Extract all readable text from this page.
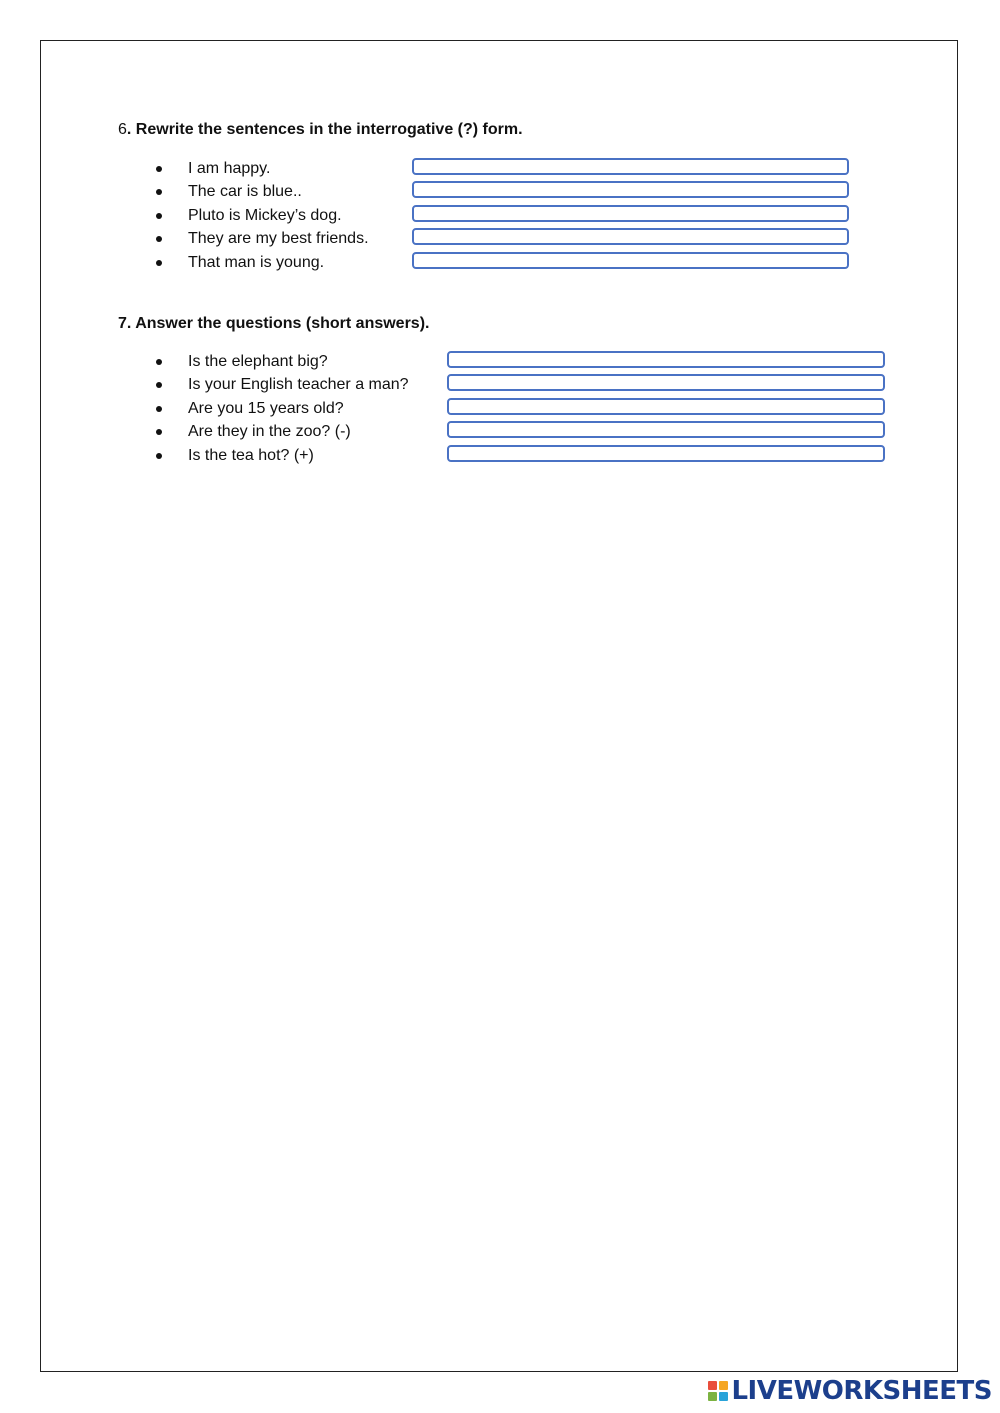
6. Rewrite the sentences in the interrogative (?) form.

I am happy.
The car is blue..
Pluto is Mickey’s dog.
They are my best friends.
That man is young.

7. Answer the questions (short answers).

Is the elephant big?
Is your English teacher a man?
Are you 15 years old?
Are they in the zoo? (-)
Is the tea hot? (+)
LIVEWORKSHEETS
